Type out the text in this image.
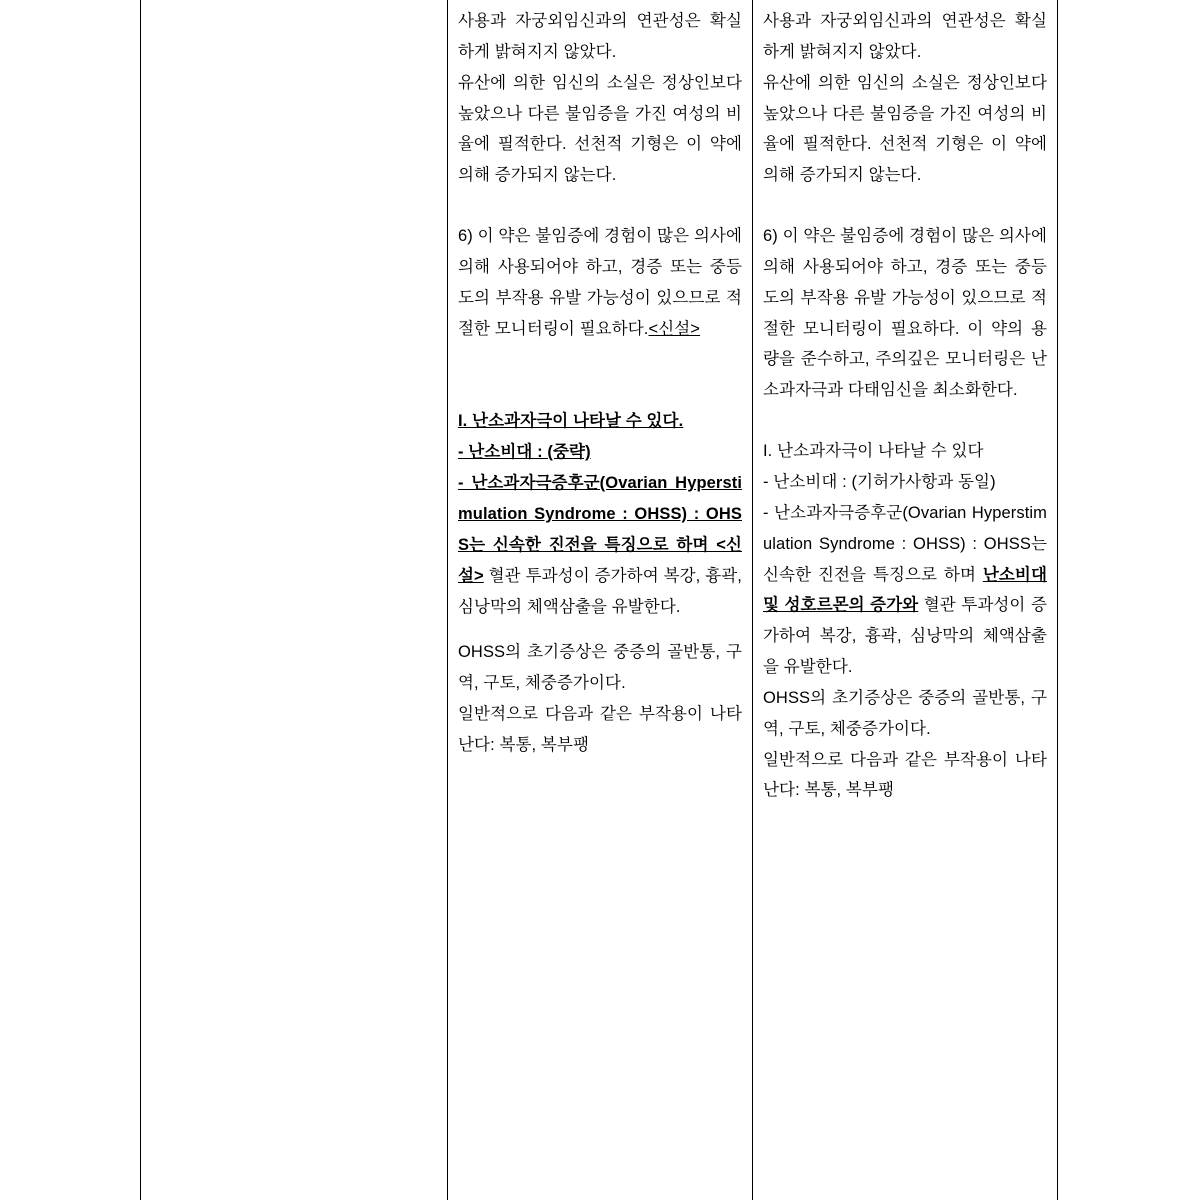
사용과 자궁외임신과의 연관성은 확실하게 밝혀지지 않았다.

유산에 의한 임신의 소실은 정상인보다 높았으나 다른 불임증을 가진 여성의 비율에 필적한다. 선천적 기형은 이 약에 의해 증가되지 않는다.

6) 이 약은 불임증에 경험이 많은 의사에 의해 사용되어야 하고, 경증 또는 중등도의 부작용 유발 가능성이 있으므로 적절한 모니터링이 필요하다.<신설>

I. 난소과자극이 나타날 수 있다.

- 난소비대 : (중략)

- 난소과자극증후군(Ovarian Hyperstimulation Syndrome : OHSS) : OHSS는 신속한 진전을 특징으로 하며 <신설> 혈관 투과성이 증가하여 복강, 흉곽, 심낭막의 체액삼출을 유발한다.

OHSS의 초기증상은 중증의 골반통, 구역, 구토, 체중증가이다.

일반적으로 다음과 같은 부작용이 나타난다: 복통, 복부팽

사용과 자궁외임신과의 연관성은 확실하게 밝혀지지 않았다.

유산에 의한 임신의 소실은 정상인보다 높았으나 다른 불임증을 가진 여성의 비율에 필적한다. 선천적 기형은 이 약에 의해 증가되지 않는다.

6) 이 약은 불임증에 경험이 많은 의사에 의해 사용되어야 하고, 경증 또는 중등도의 부작용 유발 가능성이 있으므로 적절한 모니터링이 필요하다. 이 약의 용량을 준수하고, 주의깊은 모니터링은 난소과자극과 다태임신을 최소화한다.

I. 난소과자극이 나타날 수 있다

- 난소비대 : (기허가사항과 동일)

- 난소과자극증후군(Ovarian Hyperstimulation Syndrome : OHSS) : OHSS는 신속한 진전을 특징으로 하며 난소비대 및 성호르몬의 증가와 혈관 투과성이 증가하여 복강, 흉곽, 심낭막의 체액삼출을 유발한다.

OHSS의 초기증상은 중증의 골반통, 구역, 구토, 체중증가이다.

일반적으로 다음과 같은 부작용이 나타난다: 복통, 복부팽
